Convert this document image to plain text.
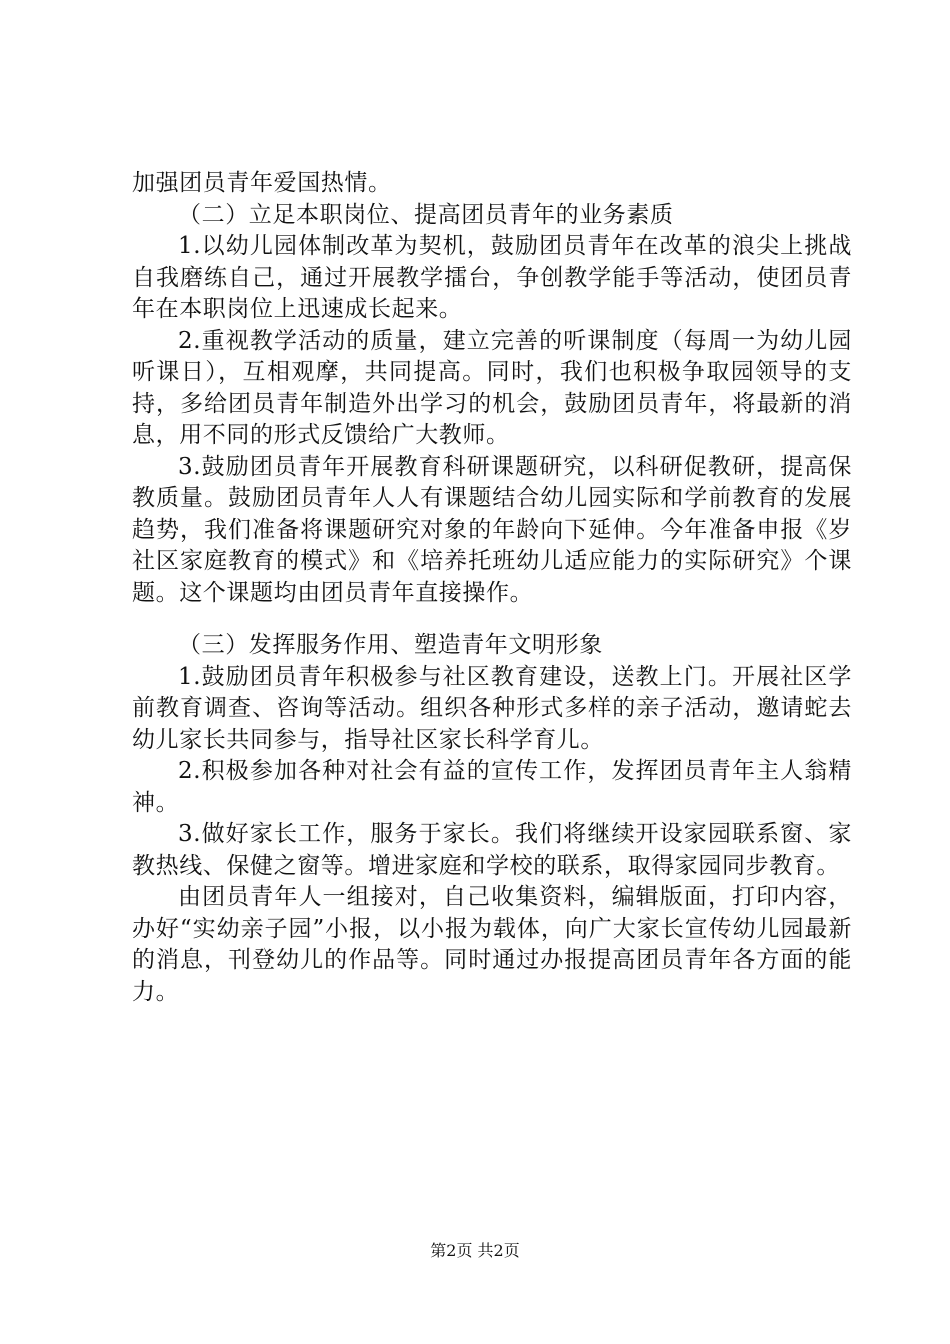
加强团员青年爱国热情。

（二）立足本职岗位、提高团员青年的业务素质

1.以幼儿园体制改革为契机，鼓励团员青年在改革的浪尖上挑战自我磨练自己，通过开展教学擂台，争创教学能手等活动，使团员青年在本职岗位上迅速成长起来。

2.重视教学活动的质量，建立完善的听课制度（每周一为幼儿园听课日），互相观摩，共同提高。同时，我们也积极争取园领导的支持，多给团员青年制造外出学习的机会，鼓励团员青年，将最新的消息，用不同的形式反馈给广大教师。

3.鼓励团员青年开展教育科研课题研究，以科研促教研，提高保教质量。鼓励团员青年人人有课题结合幼儿园实际和学前教育的发展趋势，我们准备将课题研究对象的年龄向下延伸。今年准备申报《岁社区家庭教育的模式》和《培养托班幼儿适应能力的实际研究》个课题。这个课题均由团员青年直接操作。

（三）发挥服务作用、塑造青年文明形象

1.鼓励团员青年积极参与社区教育建设，送教上门。开展社区学前教育调查、咨询等活动。组织各种形式多样的亲子活动，邀请蛇去幼儿家长共同参与，指导社区家长科学育儿。

2.积极参加各种对社会有益的宣传工作，发挥团员青年主人翁精神。

3.做好家长工作，服务于家长。我们将继续开设家园联系窗、家教热线、保健之窗等。增进家庭和学校的联系，取得家园同步教育。

由团员青年人一组接对，自己收集资料，编辑版面，打印内容，办好“实幼亲子园”小报，以小报为载体，向广大家长宣传幼儿园最新的消息，刊登幼儿的作品等。同时通过办报提高团员青年各方面的能力。

第2页 共2页
